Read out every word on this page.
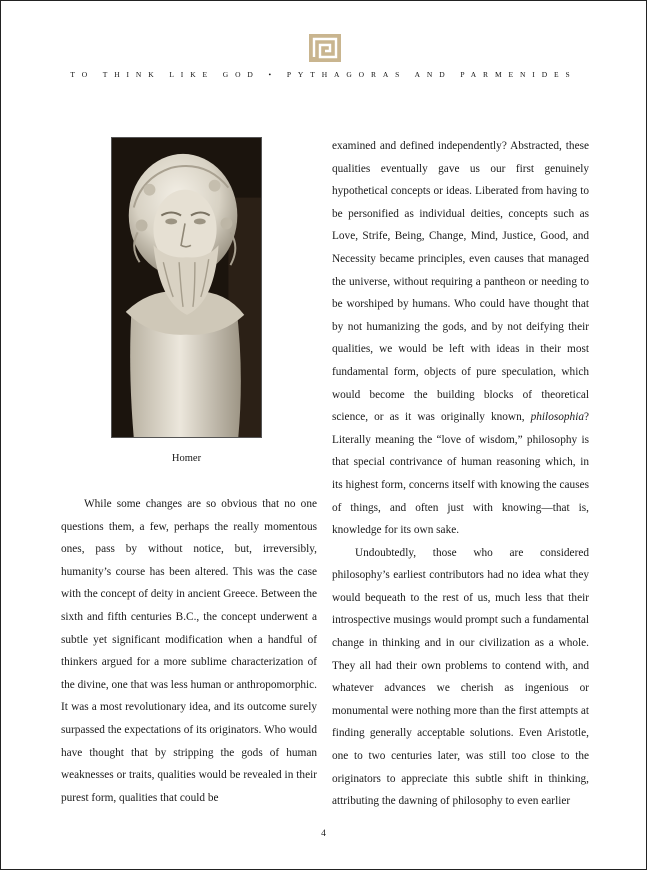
TO THINK LIKE GOD • PYTHAGORAS AND PARMENIDES
Homer

While some changes are so obvious that no one questions them, a few, perhaps the really momentous ones, pass by without notice, but, irreversibly, humanity’s course has been altered. This was the case with the concept of deity in ancient Greece. Between the sixth and fifth centuries B.C., the concept underwent a subtle yet significant modification when a handful of thinkers argued for a more sublime characterization of the divine, one that was less human or anthropomorphic. It was a most revolutionary idea, and its outcome surely surpassed the expectations of its originators. Who would have thought that by stripping the gods of human weaknesses or traits, qualities would be revealed in their purest form, qualities that could be

examined and defined independently? Abstracted, these qualities eventually gave us our first genuinely hypothetical concepts or ideas. Liberated from having to be personified as individual deities, concepts such as Love, Strife, Being, Change, Mind, Justice, Good, and Necessity became principles, even causes that managed the universe, without requiring a pantheon or needing to be worshiped by humans. Who could have thought that by not humanizing the gods, and by not deifying their qualities, we would be left with ideas in their most fundamental form, objects of pure speculation, which would become the building blocks of theoretical science, or as it was originally known, philosophia? Literally meaning the “love of wisdom,” philosophy is that special contrivance of human reasoning which, in its highest form, concerns itself with knowing the causes of things, and often just with knowing—that is, knowledge for its own sake.

Undoubtedly, those who are considered philosophy’s earliest contributors had no idea what they would bequeath to the rest of us, much less that their introspective musings would prompt such a fundamental change in thinking and in our civilization as a whole. They all had their own problems to contend with, and whatever advances we cherish as ingenious or monumental were nothing more than the first attempts at finding generally acceptable solutions. Even Aristotle, one to two centuries later, was still too close to the originators to appreciate this subtle shift in thinking, attributing the dawning of philosophy to even earlier

4
